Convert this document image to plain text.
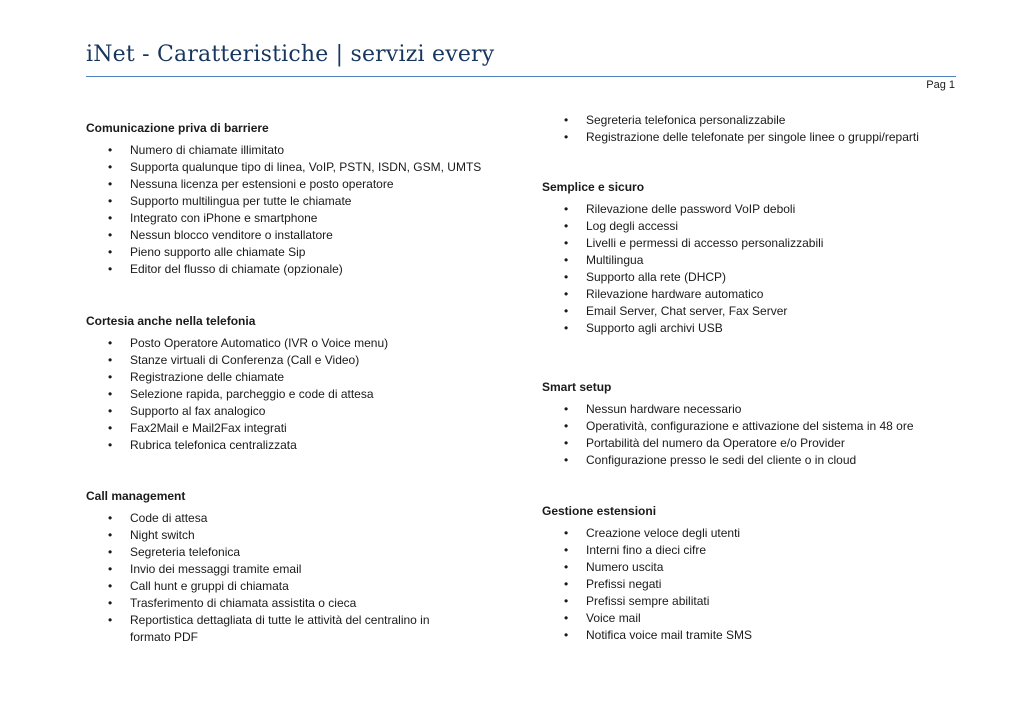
iNet - Caratteristiche | servizi every
Pag 1
Comunicazione priva di barriere
• Numero di chiamate illimitato
• Supporta qualunque tipo di linea, VoIP, PSTN, ISDN, GSM, UMTS
• Nessuna licenza per estensioni e posto operatore
• Supporto multilingua per tutte le chiamate
• Integrato con iPhone e smartphone
• Nessun blocco venditore o installatore
• Pieno supporto alle chiamate Sip
• Editor del flusso di chiamate (opzionale)
Cortesia anche nella telefonia
• Posto Operatore Automatico (IVR o Voice menu)
• Stanze virtuali di Conferenza (Call e Video)
• Registrazione delle chiamate
• Selezione rapida, parcheggio e code di attesa
• Supporto al fax analogico
• Fax2Mail e Mail2Fax integrati
• Rubrica telefonica centralizzata
Call management
• Code di attesa
• Night switch
• Segreteria telefonica
• Invio dei messaggi tramite email
• Call hunt e gruppi di chiamata
• Trasferimento di chiamata assistita o cieca
• Reportistica dettagliata di tutte le attività del centralino in
formato PDF
• Segreteria telefonica personalizzabile
• Registrazione delle telefonate per singole linee o gruppi/reparti
Semplice e sicuro
• Rilevazione delle password VoIP deboli
• Log degli accessi
• Livelli e permessi di accesso personalizzabili
• Multilingua
• Supporto alla rete (DHCP)
• Rilevazione hardware automatico
• Email Server, Chat server, Fax Server
• Supporto agli archivi USB
Smart setup
• Nessun hardware necessario
• Operatività, configurazione e attivazione del sistema in 48 ore
• Portabilità del numero da Operatore e/o Provider
• Configurazione presso le sedi del cliente o in cloud
Gestione estensioni
• Creazione veloce degli utenti
• Interni fino a dieci cifre
• Numero uscita
• Prefissi negati
• Prefissi sempre abilitati
• Voice mail
• Notifica voice mail tramite SMS
